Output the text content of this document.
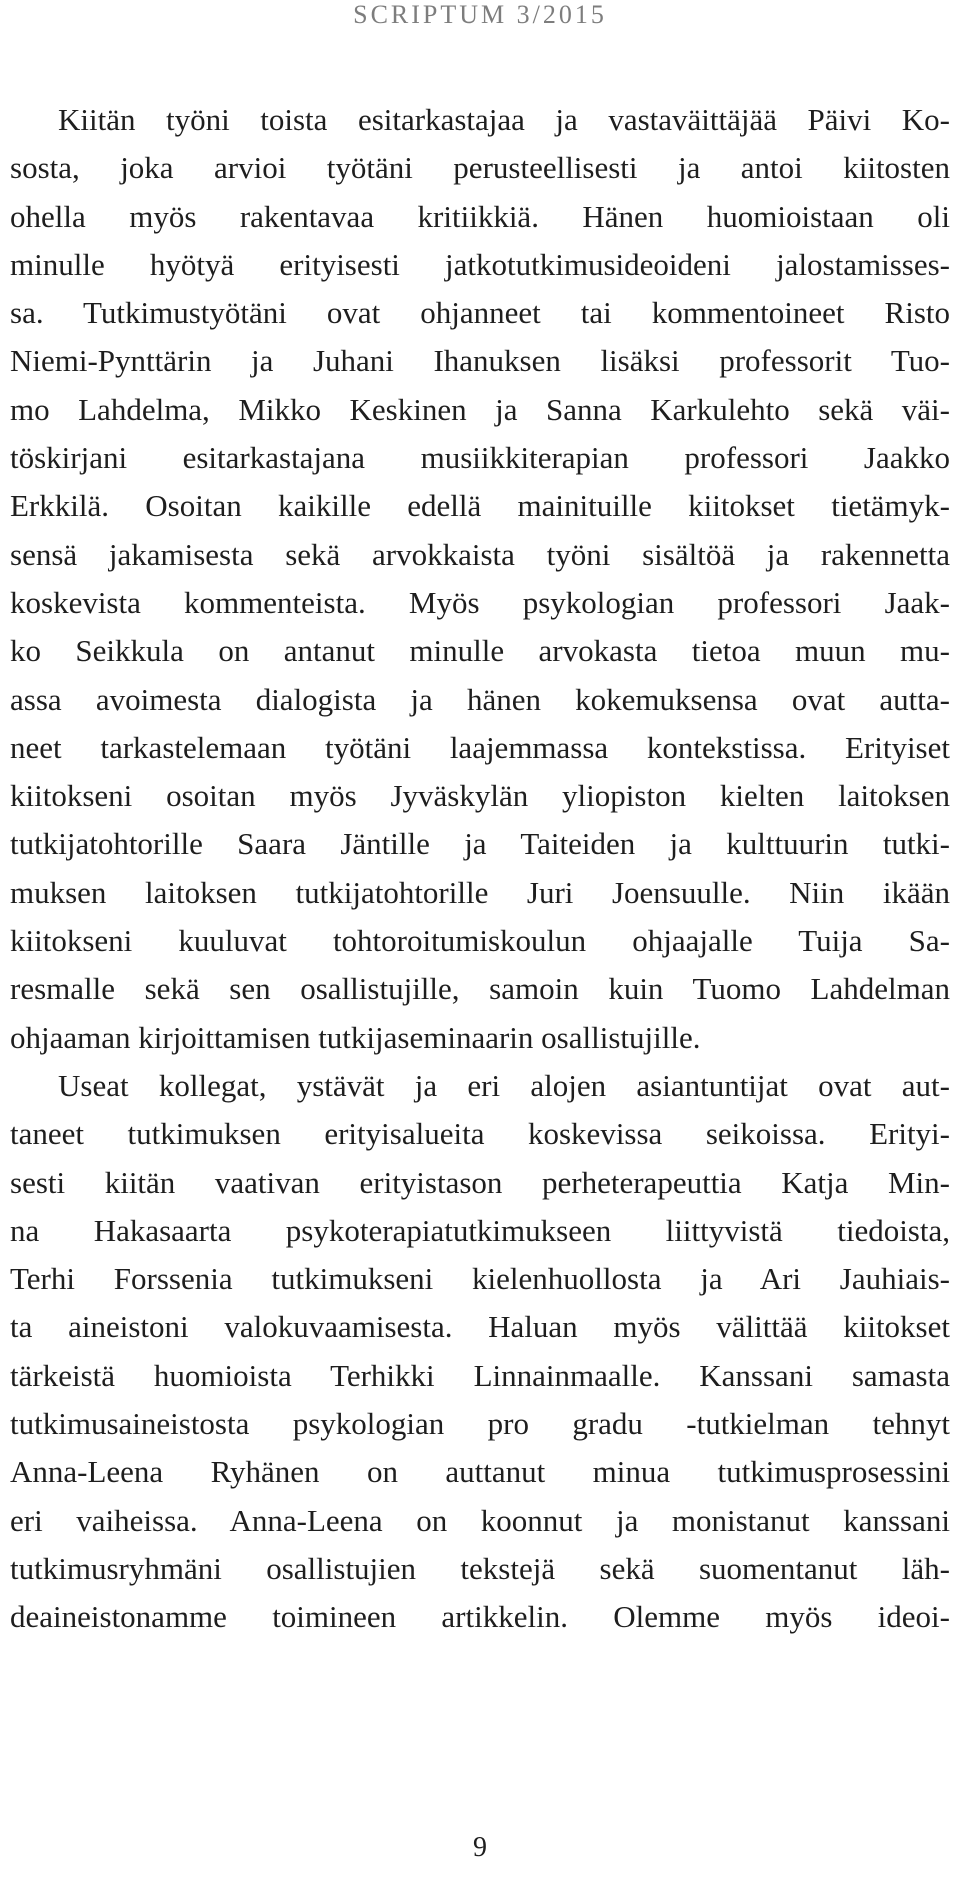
SCRIPTUM 3/2015
Kiitän työni toista esitarkastajaa ja vastaväittäjää Päivi Ko-
sosta, joka arvioi työtäni perusteellisesti ja antoi kiitosten
ohella myös rakentavaa kritiikkiä. Hänen huomioistaan oli
minulle hyötyä erityisesti jatkotutkimusideoideni jalostamisses-
sa. Tutkimustyötäni ovat ohjanneet tai kommentoineet Risto
Niemi-Pynttärin ja Juhani Ihanuksen lisäksi professorit Tuo-
mo Lahdelma, Mikko Keskinen ja Sanna Karkulehto sekä väi-
töskirjani esitarkastajana musiikkiterapian professori Jaakko
Erkkilä. Osoitan kaikille edellä mainituille kiitokset tietämyk-
sensä jakamisesta sekä arvokkaista työni sisältöä ja rakennetta
koskevista kommenteista. Myös psykologian professori Jaak-
ko Seikkula on antanut minulle arvokasta tietoa muun mu-
assa avoimesta dialogista ja hänen kokemuksensa ovat autta-
neet tarkastelemaan työtäni laajemmassa kontekstissa. Erityiset
kiitokseni osoitan myös Jyväskylän yliopiston kielten laitoksen
tutkijatohtorille Saara Jäntille ja Taiteiden ja kulttuurin tutki-
muksen laitoksen tutkijatohtorille Juri Joensuulle. Niin ikään
kiitokseni kuuluvat tohtoroitumiskoulun ohjaajalle Tuija Sa-
resmalle sekä sen osallistujille, samoin kuin Tuomo Lahdelman
ohjaaman kirjoittamisen tutkijaseminaarin osallistujille.
Useat kollegat, ystävät ja eri alojen asiantuntijat ovat aut-
taneet tutkimuksen erityisalueita koskevissa seikoissa. Erityi-
sesti kiitän vaativan erityistason perheterapeuttia Katja Min-
na Hakasaarta psykoterapiatutkimukseen liittyvistä tiedoista,
Terhi Forssenia tutkimukseni kielenhuollosta ja Ari Jauhiais-
ta aineistoni valokuvaamisesta. Haluan myös välittää kiitokset
tärkeistä huomioista Terhikki Linnainmaalle. Kanssani samasta
tutkimusaineistosta psykologian pro gradu -tutkielman tehnyt
Anna-Leena Ryhänen on auttanut minua tutkimusprosessini
eri vaiheissa. Anna-Leena on koonnut ja monistanut kanssani
tutkimusryhmäni osallistujien tekstejä sekä suomentanut läh-
deaineistonamme toimineen artikkelin. Olemme myös ideoi-
9
